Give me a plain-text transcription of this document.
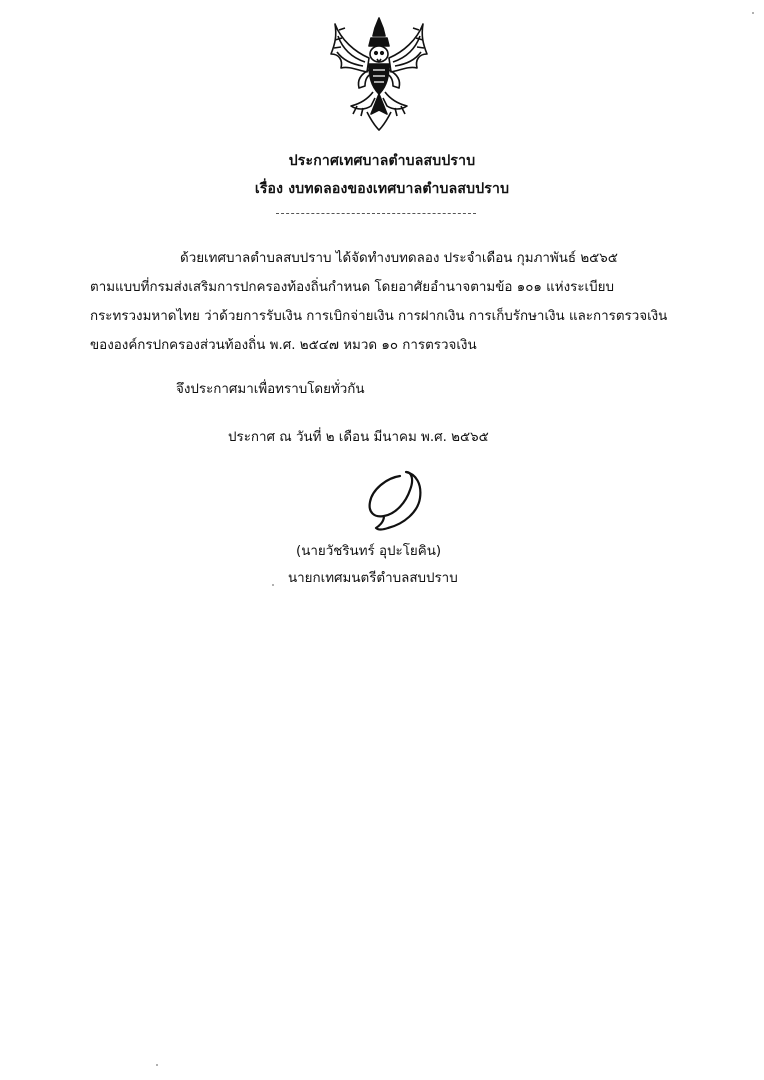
ประกาศเทศบาลตำบลสบปราบ
เรื่อง งบทดลองของเทศบาลตำบลสบปราบ
ด้วยเทศบาลตำบลสบปราบ ได้จัดทำงบทดลอง ประจำเดือน กุมภาพันธ์ ๒๕๖๕
ตามแบบที่กรมส่งเสริมการปกครองท้องถิ่นกำหนด โดยอาศัยอำนาจตามข้อ ๑๐๑ แห่งระเบียบ
กระทรวงมหาดไทย ว่าด้วยการรับเงิน การเบิกจ่ายเงิน การฝากเงิน การเก็บรักษาเงิน และการตรวจเงิน
ขององค์กรปกครองส่วนท้องถิ่น พ.ศ. ๒๕๔๗ หมวด ๑๐ การตรวจเงิน
จึงประกาศมาเพื่อทราบโดยทั่วกัน
ประกาศ ณ วันที่ ๒ เดือน มีนาคม พ.ศ. ๒๕๖๕
(นายวัชรินทร์ อุปะโยคิน)
นายกเทศมนตรีตำบลสบปราบ
